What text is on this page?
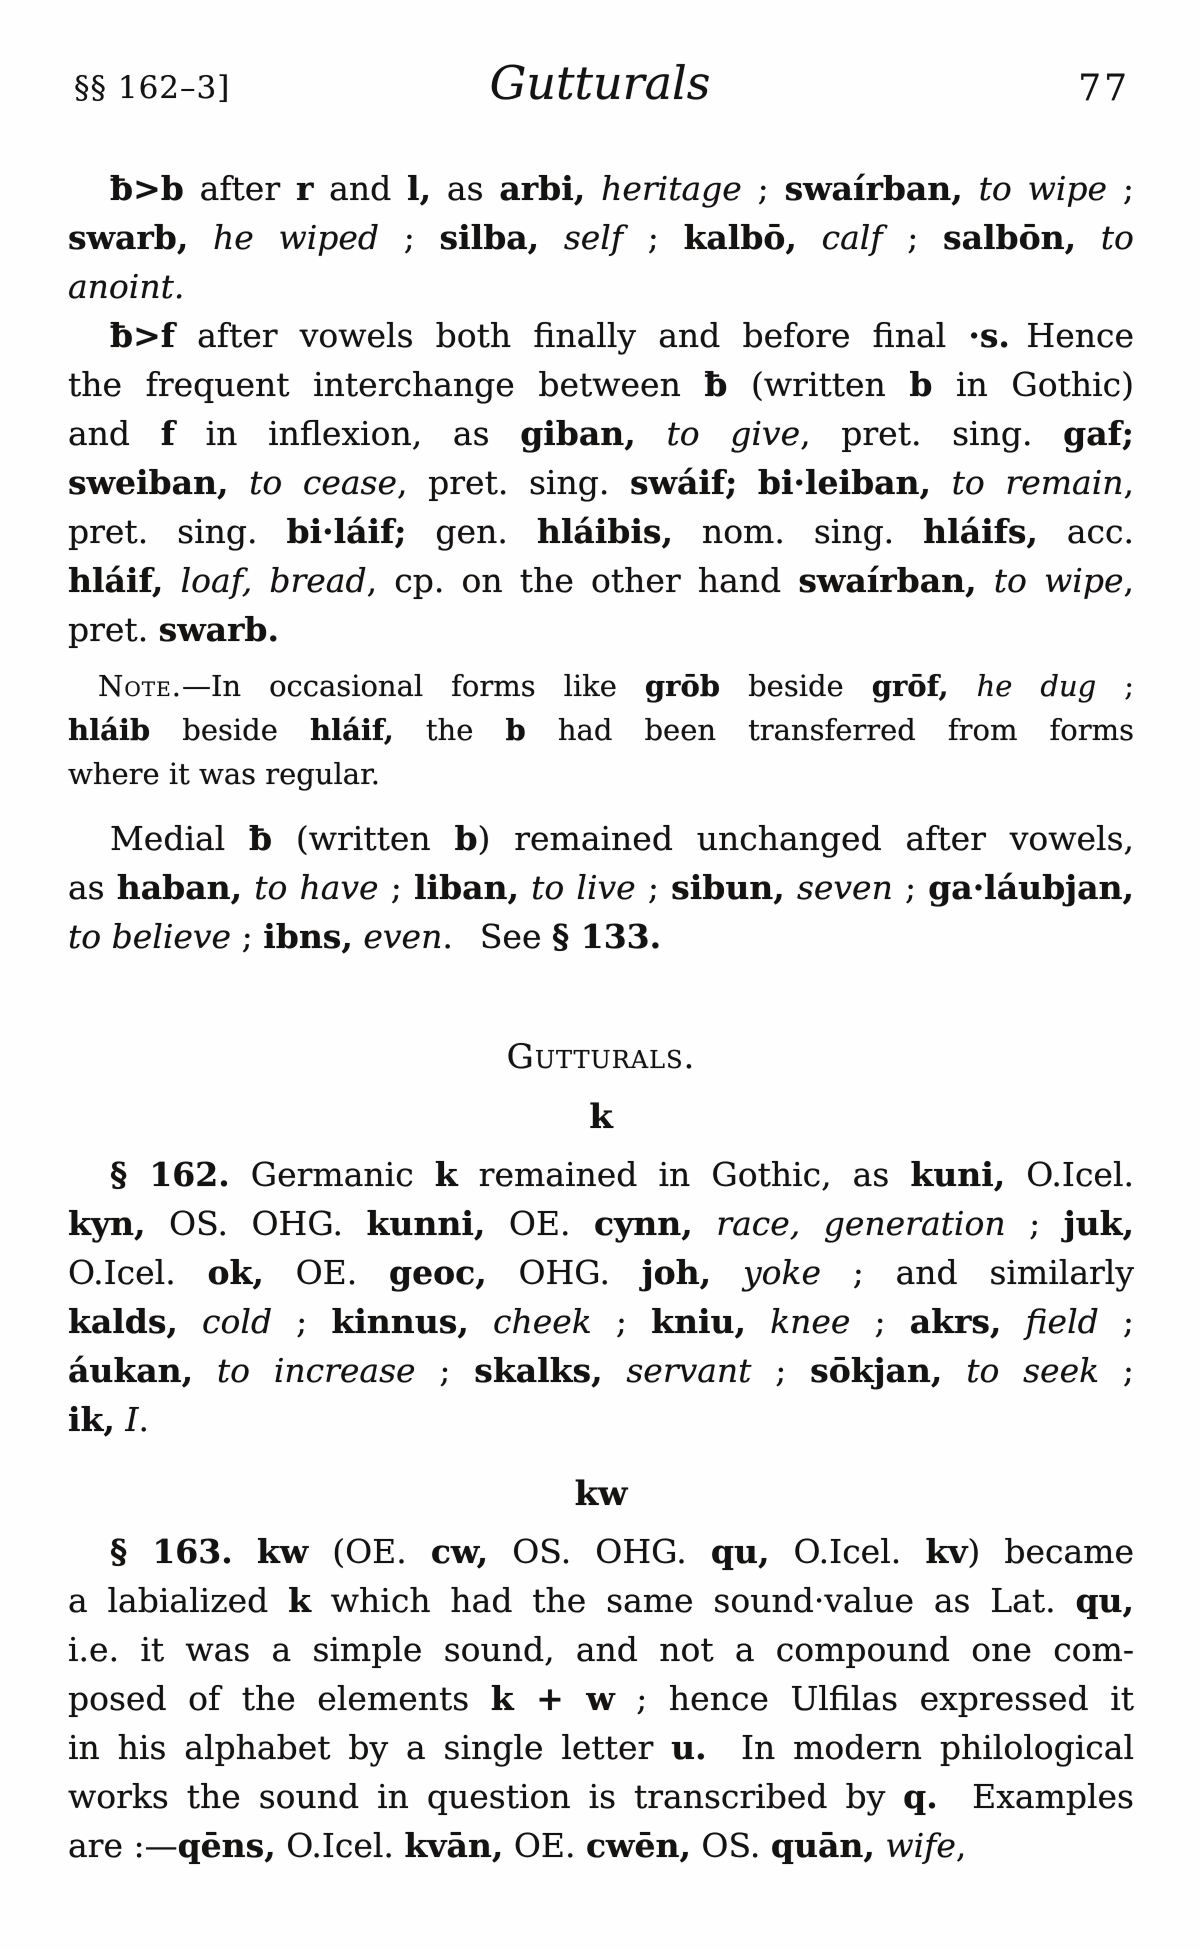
§§ 162–3]	Gutturals	77
ƀ>b after r and l, as arbi, heritage ; swaírban, to wipe ;
swarb, he wiped ; silba, self ; kalbō, calf ; salbōn, to
anoint.
ƀ>f after vowels both finally and before final ·s. Hence
the frequent interchange between ƀ (written b in Gothic)
and f in inflexion, as giban, to give, pret. sing. gaf;
sweiban, to cease, pret. sing. swáif; bi·leiban, to remain,
pret. sing. bi·láif; gen. hláibis, nom. sing. hláifs, acc.
hláif, loaf, bread, cp. on the other hand swaírban, to wipe,
pret. swarb.
Note.—In occasional forms like grōb beside grōf, he dug ;
hláib beside hláif, the b had been transferred from forms
where it was regular.
Medial ƀ (written b) remained unchanged after vowels,
as haban, to have ; liban, to live ; sibun, seven ; ga·láubjan,
to believe ; ibns, even.  See § 133.
Gutturals.
k
§ 162. Germanic k remained in Gothic, as kuni, O.Icel.
kyn, OS. OHG. kunni, OE. cynn, race, generation ; juk,
O.Icel. ok, OE. geoc, OHG. joh, yoke ; and similarly
kalds, cold ; kinnus, cheek ; kniu, knee ; akrs, field ;
áukan, to increase ; skalks, servant ; sōkjan, to seek ;
ik, I.
kw
§ 163. kw (OE. cw, OS. OHG. qu, O.Icel. kv) became
a labialized k which had the same sound·value as Lat. qu,
i.e. it was a simple sound, and not a compound one com-
posed of the elements k + w ; hence Ulfilas expressed it
in his alphabet by a single letter u.  In modern philological
works the sound in question is transcribed by q.  Examples
are :—qēns, O.Icel. kvān, OE. cwēn, OS. quān, wife,
